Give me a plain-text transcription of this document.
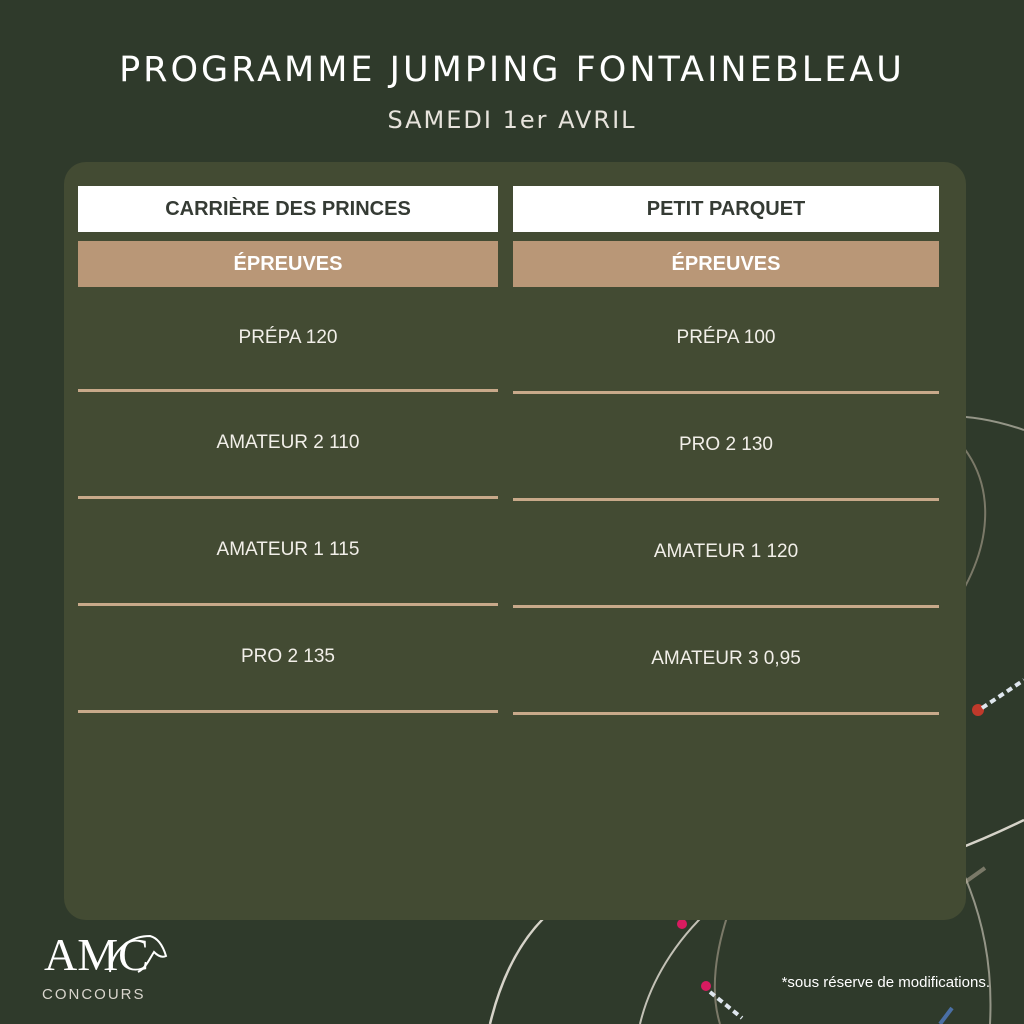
PROGRAMME JUMPING FONTAINEBLEAU
SAMEDI 1er AVRIL
CARRIÈRE DES PRINCES
ÉPREUVES
PRÉPA 120
AMATEUR 2 110
AMATEUR 1 115
PRO 2 135
PETIT PARQUET
ÉPREUVES
PRÉPA 100
PRO 2 130
AMATEUR 1 120
AMATEUR 3 0,95
AMC
CONCOURS
*sous réserve de modifications.
